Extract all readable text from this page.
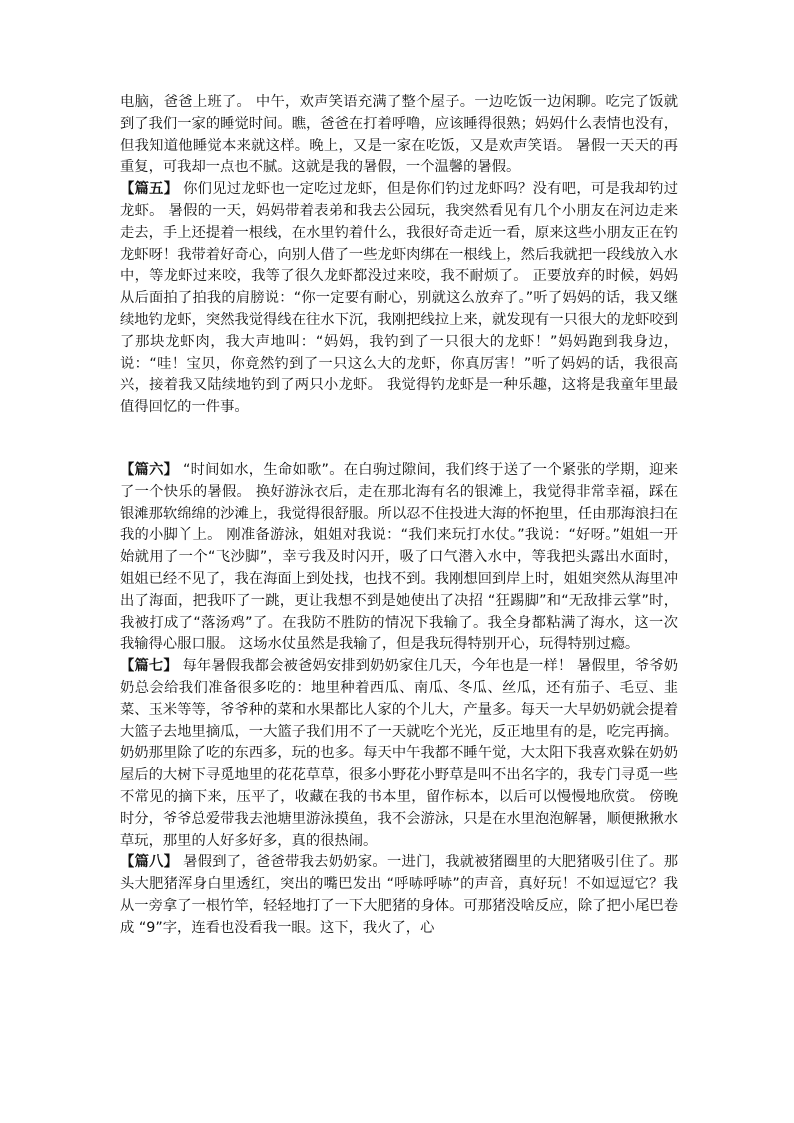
电脑，爸爸上班了。 中午，欢声笑语充满了整个屋子。一边吃饭一边闲聊。吃完了饭就到了我们一家的睡觉时间。瞧，爸爸在打着呼噜，应该睡得很熟；妈妈什么表情也没有，但我知道他睡觉本来就这样。晚上，又是一家在吃饭，又是欢声笑语。 暑假一天天的再重复，可我却一点也不腻。这就是我的暑假，一个温馨的暑假。

【篇五】 你们见过龙虾也一定吃过龙虾，但是你们钓过龙虾吗？没有吧，可是我却钓过龙虾。 暑假的一天，妈妈带着表弟和我去公园玩，我突然看见有几个小朋友在河边走来走去，手上还提着一根线，在水里钓着什么，我很好奇走近一看，原来这些小朋友正在钓龙虾呀！我带着好奇心，向别人借了一些龙虾肉绑在一根线上，然后我就把一段线放入水中，等龙虾过来咬，我等了很久龙虾都没过来咬，我不耐烦了。 正要放弃的时候，妈妈从后面拍了拍我的肩膀说：“你一定要有耐心，别就这么放弃了。”听了妈妈的话，我又继续地钓龙虾，突然我觉得线在往水下沉，我刚把线拉上来，就发现有一只很大的龙虾咬到了那块龙虾肉，我大声地叫：“妈妈，我钓到了一只很大的龙虾！”妈妈跑到我身边，说：“哇！宝贝，你竟然钓到了一只这么大的龙虾，你真厉害！”听了妈妈的话，我很高兴，接着我又陆续地钓到了两只小龙虾。 我觉得钓龙虾是一种乐趣，这将是我童年里最值得回忆的一件事。

【篇六】 “时间如水，生命如歌”。在白驹过隙间，我们终于送了一个紧张的学期，迎来了一个快乐的暑假。 换好游泳衣后，走在那北海有名的银滩上，我觉得非常幸福，踩在银滩那软绵绵的沙滩上，我觉得很舒服。所以忍不住投进大海的怀抱里，任由那海浪扫在我的小脚丫上。 刚准备游泳，姐姐对我说：“我们来玩打水仗。”我说：“好呀。”姐姐一开始就用了一个“飞沙脚”，幸亏我及时闪开，吸了口气潜入水中，等我把头露出水面时，姐姐已经不见了，我在海面上到处找，也找不到。我刚想回到岸上时，姐姐突然从海里冲出了海面，把我吓了一跳，更让我想不到是她使出了决招 “狂踢脚”和“无敌排云掌”时，我被打成了“落汤鸡”了。在我防不胜防的情况下我输了。我全身都粘满了海水，这一次我输得心服口服。 这场水仗虽然是我输了，但是我玩得特别开心，玩得特别过瘾。

【篇七】 每年暑假我都会被爸妈安排到奶奶家住几天，今年也是一样！ 暑假里，爷爷奶奶总会给我们准备很多吃的：地里种着西瓜、南瓜、冬瓜、丝瓜，还有茄子、毛豆、韭菜、玉米等等，爷爷种的菜和水果都比人家的个儿大，产量多。每天一大早奶奶就会提着大篮子去地里摘瓜，一大篮子我们用不了一天就吃个光光，反正地里有的是，吃完再摘。 奶奶那里除了吃的东西多，玩的也多。每天中午我都不睡午觉，大太阳下我喜欢躲在奶奶屋后的大树下寻觅地里的花花草草，很多小野花小野草是叫不出名字的，我专门寻觅一些不常见的摘下来，压平了，收藏在我的书本里，留作标本，以后可以慢慢地欣赏。 傍晚时分，爷爷总爱带我去池塘里游泳摸鱼，我不会游泳，只是在水里泡泡解暑，顺便揪揪水草玩，那里的人好多好多，真的很热闹。

【篇八】 暑假到了，爸爸带我去奶奶家。一进门，我就被猪圈里的大肥猪吸引住了。那头大肥猪浑身白里透红，突出的嘴巴发出 “呼哧呼哧”的声音，真好玩！不如逗逗它？我从一旁拿了一根竹竿，轻轻地打了一下大肥猪的身体。可那猪没啥反应，除了把小尾巴卷成 “9”字，连看也没看我一眼。这下，我火了，心
